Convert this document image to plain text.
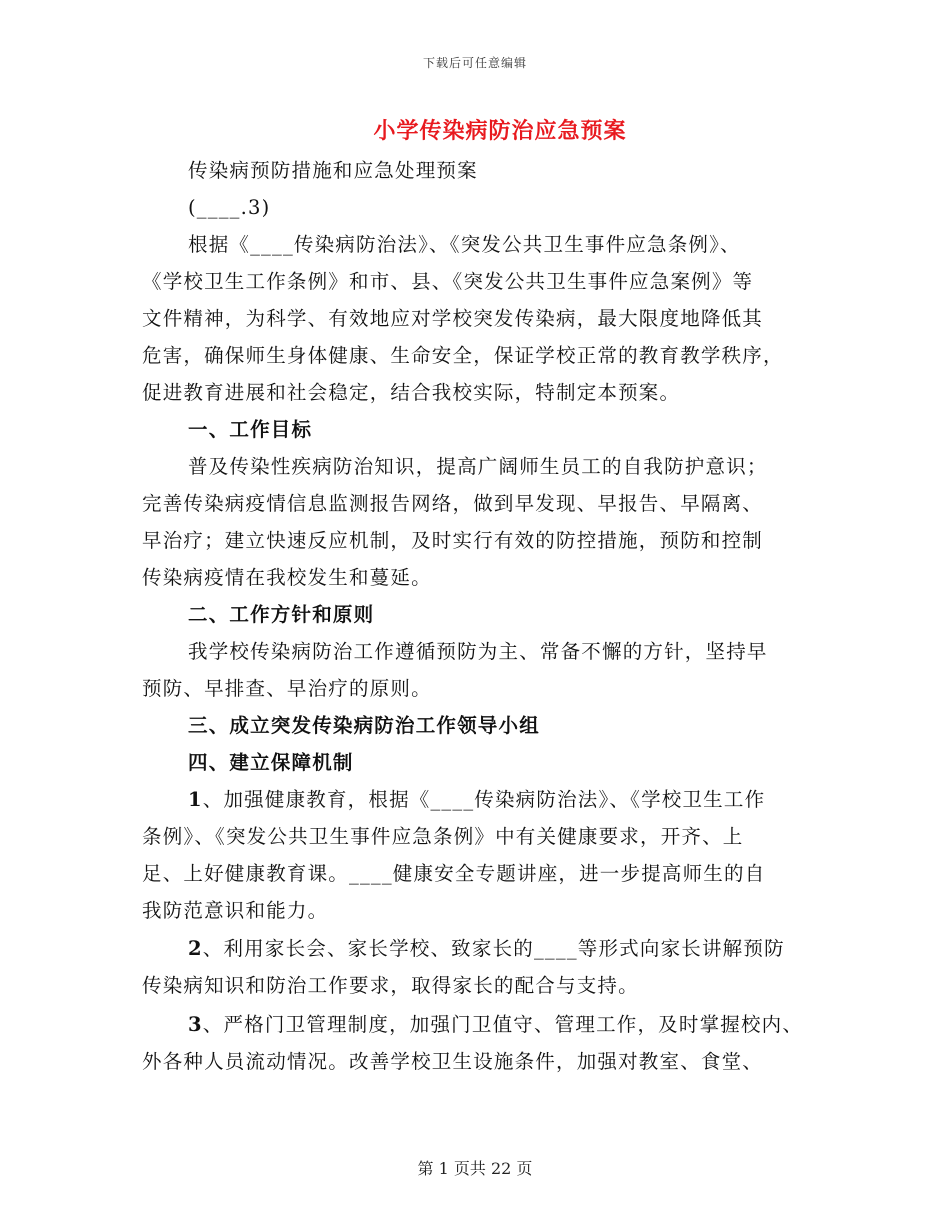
下载后可任意编辑
小学传染病防治应急预案
传染病预防措施和应急处理预案
(____.3)
根据《____传染病防治法》、《突发公共卫生事件应急条例》、
《学校卫生工作条例》和市、县、《突发公共卫生事件应急案例》等
文件精神，为科学、有效地应对学校突发传染病，最大限度地降低其
危害，确保师生身体健康、生命安全，保证学校正常的教育教学秩序，
促进教育进展和社会稳定，结合我校实际，特制定本预案。
一、工作目标
普及传染性疾病防治知识，提高广阔师生员工的自我防护意识；
完善传染病疫情信息监测报告网络，做到早发现、早报告、早隔离、
早治疗；建立快速反应机制，及时实行有效的防控措施，预防和控制
传染病疫情在我校发生和蔓延。
二、工作方针和原则
我学校传染病防治工作遵循预防为主、常备不懈的方针，坚持早
预防、早排查、早治疗的原则。
三、成立突发传染病防治工作领导小组
四、建立保障机制
1、加强健康教育，根据《____传染病防治法》、《学校卫生工作
条例》、《突发公共卫生事件应急条例》中有关健康要求，开齐、上
足、上好健康教育课。____健康安全专题讲座，进一步提高师生的自
我防范意识和能力。
2、利用家长会、家长学校、致家长的____等形式向家长讲解预防
传染病知识和防治工作要求，取得家长的配合与支持。
3、严格门卫管理制度，加强门卫值守、管理工作，及时掌握校内、
外各种人员流动情况。改善学校卫生设施条件，加强对教室、食堂、
第 1 页共 22 页
